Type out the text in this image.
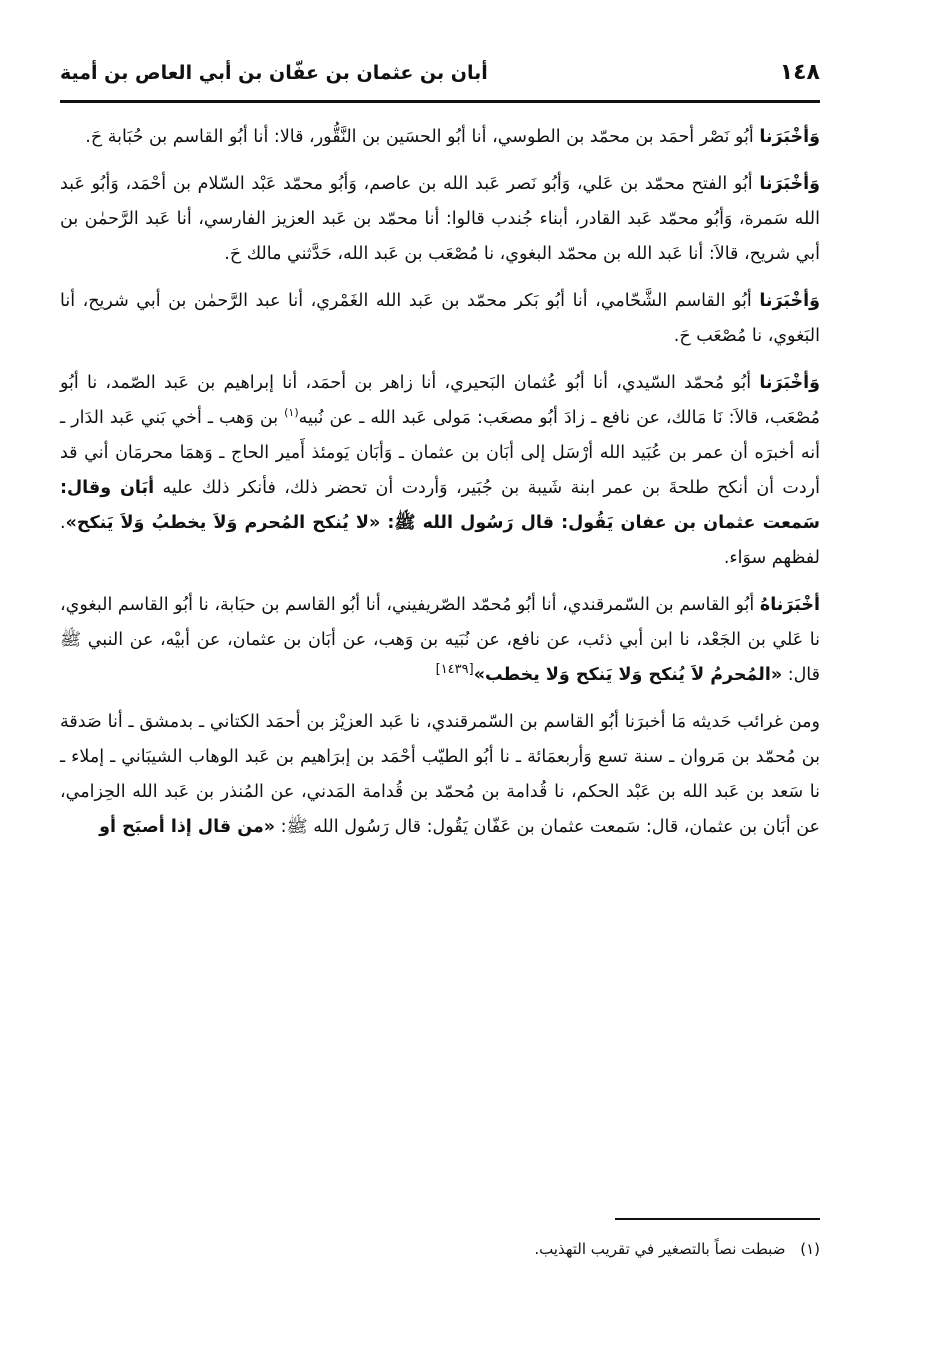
١٤٨
أبان بن عثمان بن عفّان بن أبي العاص بن أمية

وَأخْبَرَنا أبُو نَصْر أحمَد بن محمّد بن الطوسي، أنا أبُو الحسَين بن النَّقُّور، قالا: أنا أبُو القاسم بن حُبَابة حَ.

وَأخْبَرَنا أبُو الفتح محمّد بن عَلي، وَأبُو نَصر عَبد الله بن عاصم، وَأبُو محمّد عَبْد السّلام بن أحْمَد، وَأبُو عَبد الله سَمرة، وَأبُو محمّد عَبد القادر، أبناء جُندب قالوا: أنا محمّد بن عَبد العزيز الفارسي، أنا عَبد الرَّحمٰن بن أبي شريح، قالاَ: أنا عَبد الله بن محمّد البغوي، نا مُصْعَب بن عَبد الله، حَدَّثني مالك حَ.

وَأخْبَرَنا أبُو القاسم الشَّحّامي، أنا أبُو بَكر محمّد بن عَبد الله الغَمْري، أنا عبد الرَّحمٰن بن أبي شريح، أنا البَغوي، نا مُصْعَب حَ.

وَأخْبَرَنا أبُو مُحمّد السّيدي، أنا أبُو عُثمان البَحيري، أنا زاهر بن أحمَد، أنا إبراهيم بن عَبد الصّمد، نا أبُو مُصْعَب، قالاَ: نَا مَالك، عن نافع ـ زادَ أبُو مصعَب: مَولى عَبد الله ـ عن نُبيه$^{(١)}$ بن وَهب ـ أخي بَني عَبد الدَار ـ أنه أخبرَه أن عمر بن عُبَيد الله أرْسَل إلى أبَان بن عثمان ـ وَأبَان يَومئذ أَمير الحاج ـ وَهمَا محرمَان أني قد أردت أن أنكح طلحةَ بن عمر ابنة شَيبة بن جُبَير، وَأردت أن تحضر ذلك، فأنكر ذلك عليه أبَان وقال: سَمعت عثمان بن عفان يَقُول: قال رَسُول الله ﷺ: «لا يُنكح المُحرم وَلاَ يخطبُ وَلاَ يَنكح». لفظهم سوَاء.

أخْبَرَناهُ أبُو القاسم بن السّمرقندي، أنا أبُو مُحمّد الصّريفيني، أنا أبُو القاسم بن حبَابة، نا أبُو القاسم البغوي، نا عَلي بن الجَعْد، نا ابن أبي ذئب، عن نافع، عن نُبَيه بن وَهب، عن أبَان بن عثمان، عن أبيْه، عن النبي ﷺ قال: «المُحرمُ لاَ يُنكح وَلا يَنكح وَلا يخطب»[١٤٣٩]

ومن غرائب حَديثه مَا أخبرَنا أبُو القاسم بن السّمرقندي، نا عَبد العزيْز بن أحمَد الكتاني ـ بدمشق ـ أنا صَدقة بن مُحمّد بن مَروان ـ سنة تسع وَأربعمَائة ـ نا أبُو الطيّب أحْمَد بن إبرَاهيم بن عَبد الوهاب الشيبَاني ـ إملاء ـ نا سَعد بن عَبد الله بن عَبْد الحكم، نا قُدامة بن مُحمّد بن قُدامة المَدني، عن المُنذر بن عَبد الله الحِزامي، عن أبَان بن عثمان، قال: سَمعت عثمان بن عَفّان يَقُول: قال رَسُول الله ﷺ: «من قال إذا أصبَح أو

(١) ضبطت نصاً بالتصغير في تقريب التهذيب.
